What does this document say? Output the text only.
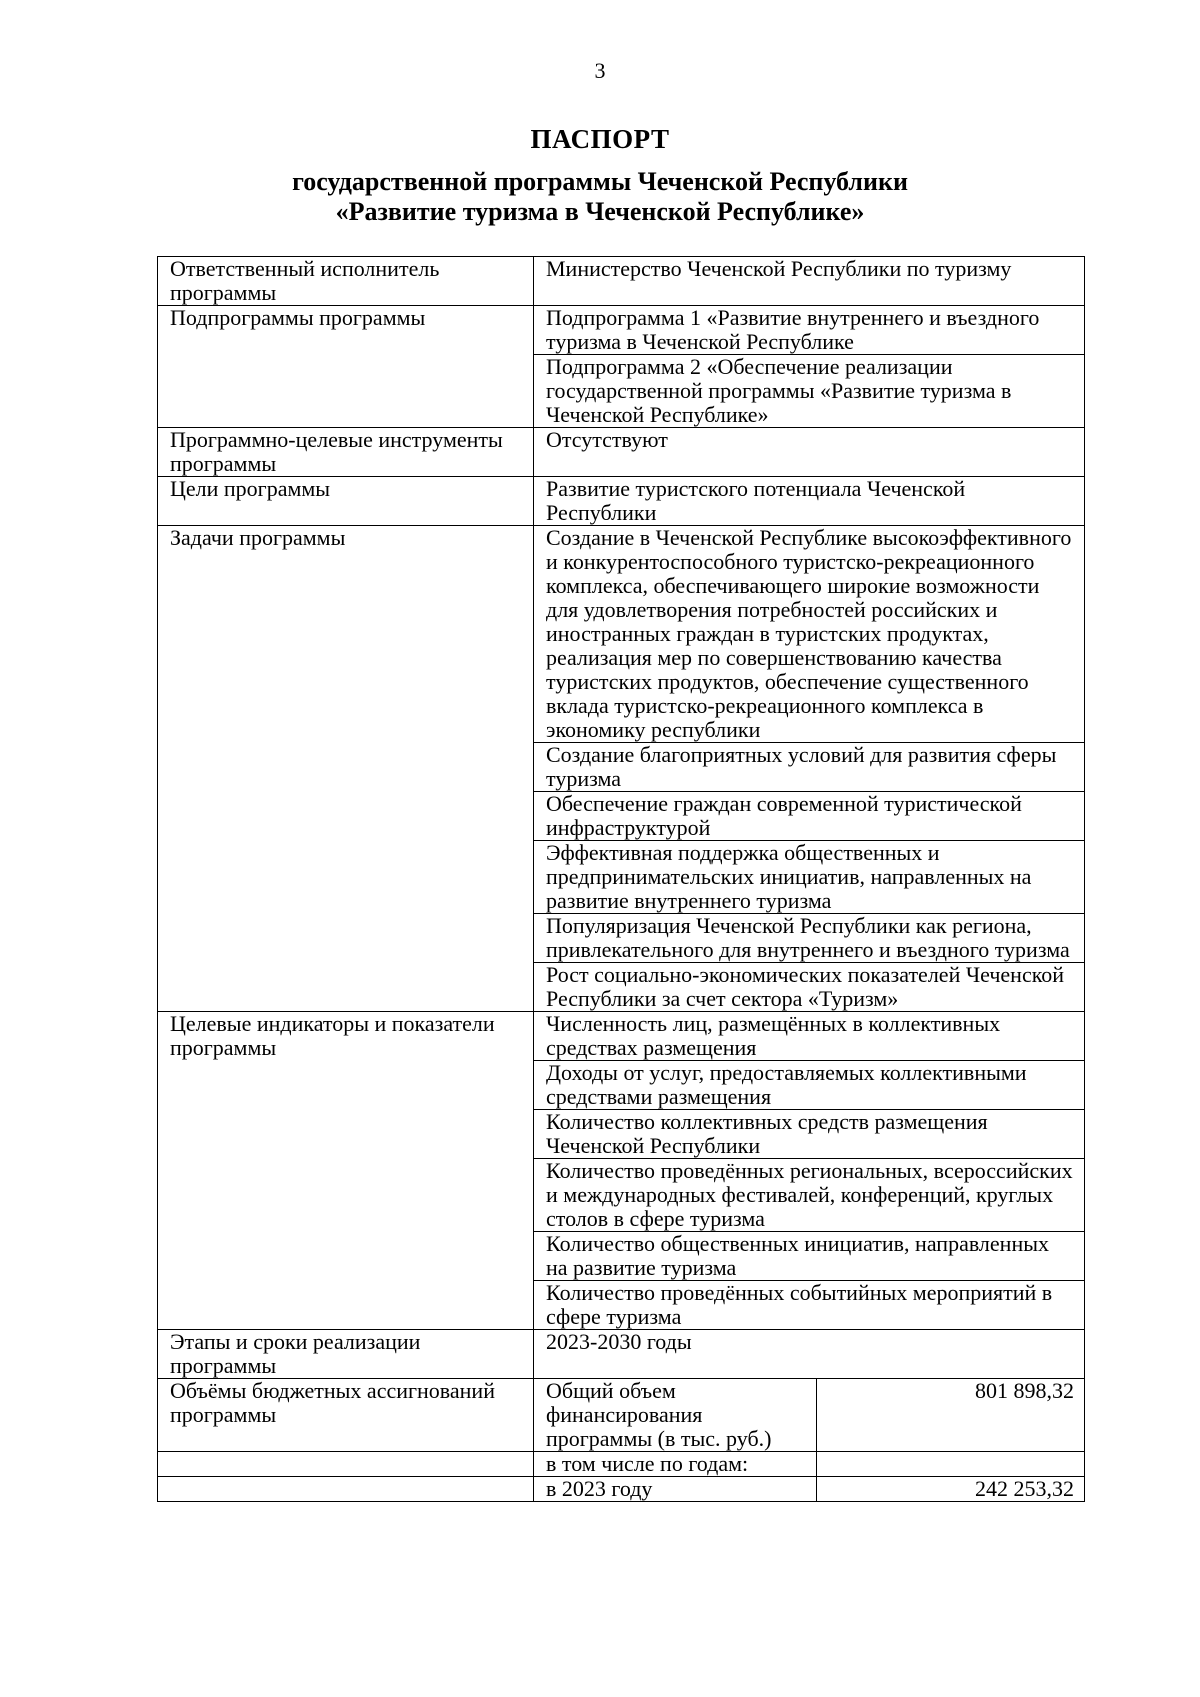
3
ПАСПОРТ
государственной программы Чеченской Республики
«Развитие туризма в Чеченской Республике»
Ответственный исполнитель программы	Министерство Чеченской Республики по туризму	
Подпрограммы программы	Подпрограмма 1 «Развитие внутреннего и въездного туризма в Чеченской Республике	
	Подпрограмма 2 «Обеспечение реализации государственной программы «Развитие туризма в Чеченской Республике»	
Программно-целевые инструменты программы	Отсутствуют	
Цели программы	Развитие туристского потенциала Чеченской Республики	
Задачи программы	Создание в Чеченской Республике высокоэффективного и конкурентоспособного туристско-рекреационного комплекса, обеспечивающего широкие возможности для удовлетворения потребностей российских и иностранных граждан в туристских продуктах, реализация мер по совершенствованию качества туристских продуктов, обеспечение существенного вклада туристско-рекреационного комплекса в экономику республики	
	Создание благоприятных условий для развития сферы туризма	
	Обеспечение граждан современной туристической инфраструктурой	
	Эффективная поддержка общественных и предпринимательских инициатив, направленных на развитие внутреннего туризма	
	Популяризация Чеченской Республики как региона, привлекательного для внутреннего и въездного туризма	
	Рост социально-экономических показателей Чеченской Республики за счет сектора «Туризм»	
Целевые индикаторы и показатели программы	Численность лиц, размещённых в коллективных средствах размещения	
	Доходы от услуг, предоставляемых коллективными средствами размещения	
	Количество коллективных средств размещения Чеченской Республики	
	Количество проведённых региональных, всероссийских и международных фестивалей, конференций, круглых столов в сфере туризма	
	Количество общественных инициатив, направленных на развитие туризма	
	Количество проведённых событийных мероприятий в сфере туризма	
Этапы и сроки реализации программы	2023-2030 годы	
Объёмы бюджетных ассигнований программы	Общий объем финансирования программы (в тыс. руб.)	801 898,32
	в том числе по годам:	
	в 2023 году	242 253,32
